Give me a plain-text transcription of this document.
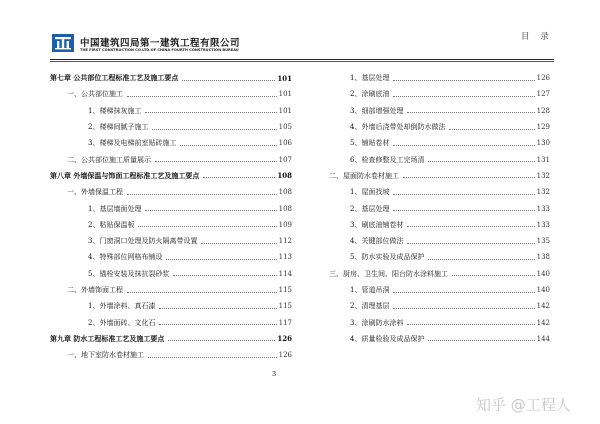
中国建筑四局第一建筑工程有限公司
THE FIRST CONSTRUCTION CO.LTD.OF CHINA FOURTH CONSTRUCTION BUREAU
目 录
第七章 公共部位工程标准工艺及施工要点	101
一、公共部位施工	101
1、楼梯抹灰施工	101
2、楼梯间腻子施工	105
3、楼梯及电梯前室贴砖施工	106
二、公共部位施工质量展示	107
第八章 外墙保温与饰面工程标准工艺及施工要点	108
一、外墙保温工程	108
1、基层墙面处理	108
2、粘贴保温板	109
3、门窗洞口处理及防火隔离带设置	112
4、特殊部位网格布铺设	113
5、锚栓安装及抹抗裂砂浆	114
二、外墙饰面工程	115
1、外墙涂料、真石漆	115
2、外墙面砖、文化石	117
第九章 防水工程标准工艺及施工要点	126
一、地下室防水卷材施工	126
1、基层处理	126
2、涂刷底油	127
3、细部增强处理	128
4、外墙后浇带处却倒防水做法	129
5、铺贴卷材	130
6、检查修整及工完场清	131
二、屋面防水卷材施工	132
1、屋面找坡	132
2、基层处理	133
3、刷底油铺卷材	133
4、关键部位做法	135
5、防水实验及成品保护	138
三、厨房、卫生间、阳台防水涂料施工	140
1、管道吊洞	140
2、清理基层	142
3、涂刷防水涂料	142
4、质量检验及成品保护	144
3
知乎 @工程人
